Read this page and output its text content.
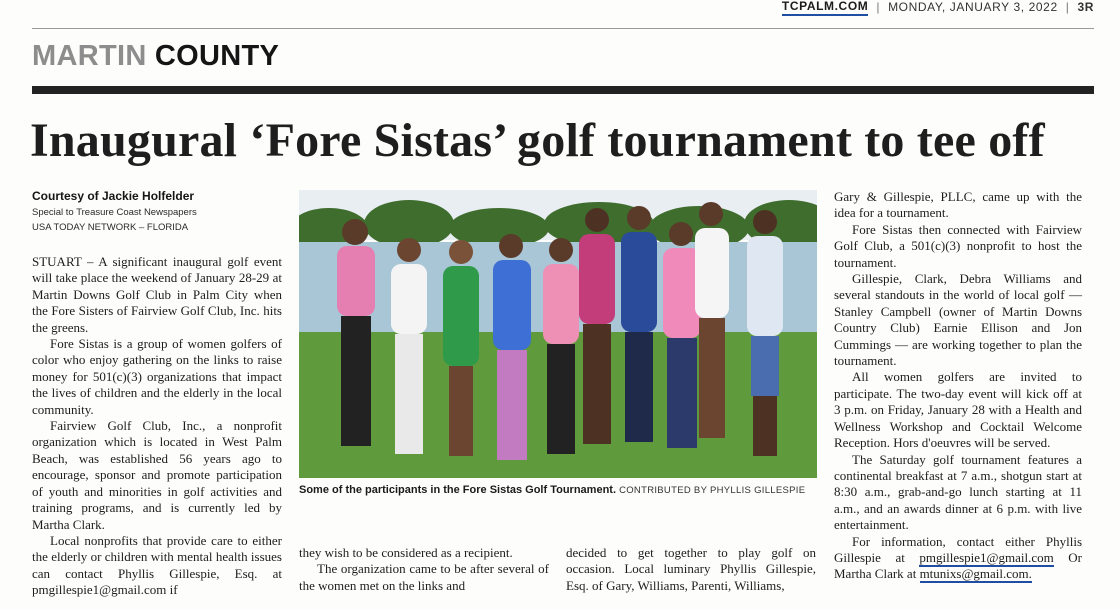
TCPALM.COM | MONDAY, JANUARY 3, 2022 | 3R
MARTIN COUNTY
Inaugural ‘Fore Sistas’ golf tournament to tee off
Courtesy of Jackie Holfelder
Special to Treasure Coast Newspapers
USA TODAY NETWORK – FLORIDA

STUART – A significant inaugural golf event will take place the weekend of January 28-29 at Martin Downs Golf Club in Palm City when the Fore Sisters of Fairview Golf Club, Inc. hits the greens.

Fore Sistas is a group of women golfers of color who enjoy gathering on the links to raise money for 501(c)(3) organizations that impact the lives of children and the elderly in the local community.

Fairview Golf Club, Inc., a nonprofit organization which is located in West Palm Beach, was established 56 years ago to encourage, sponsor and promote participation of youth and minorities in golf activities and training programs, and is currently led by Martha Clark.

Local nonprofits that provide care to either the elderly or children with mental health issues can contact Phyllis Gillespie, Esq. at pmgillespie1@gmail.com if

Some of the participants in the Fore Sistas Golf Tournament. CONTRIBUTED BY PHYLLIS GILLESPIE

they wish to be considered as a recipient.

The organization came to be after several of the women met on the links and

decided to get together to play golf on occasion. Local luminary Phyllis Gillespie, Esq. of Gary, Williams, Parenti, Williams,

Gary & Gillespie, PLLC, came up with the idea for a tournament.

Fore Sistas then connected with Fairview Golf Club, a 501(c)(3) nonprofit to host the tournament.

Gillespie, Clark, Debra Williams and several standouts in the world of local golf — Stanley Campbell (owner of Martin Downs Country Club) Earnie Ellison and Jon Cummings — are working together to plan the tournament.

All women golfers are invited to participate. The two-day event will kick off at 3 p.m. on Friday, January 28 with a Health and Wellness Workshop and Cocktail Welcome Reception. Hors d'oeuvres will be served.

The Saturday golf tournament features a continental breakfast at 7 a.m., shotgun start at 8:30 a.m., grab-and-go lunch starting at 11 a.m., and an awards dinner at 6 p.m. with live entertainment.

For information, contact either Phyllis Gillespie at pmgillespie1@gmail.com Or Martha Clark at mtunixs@gmail.com.
